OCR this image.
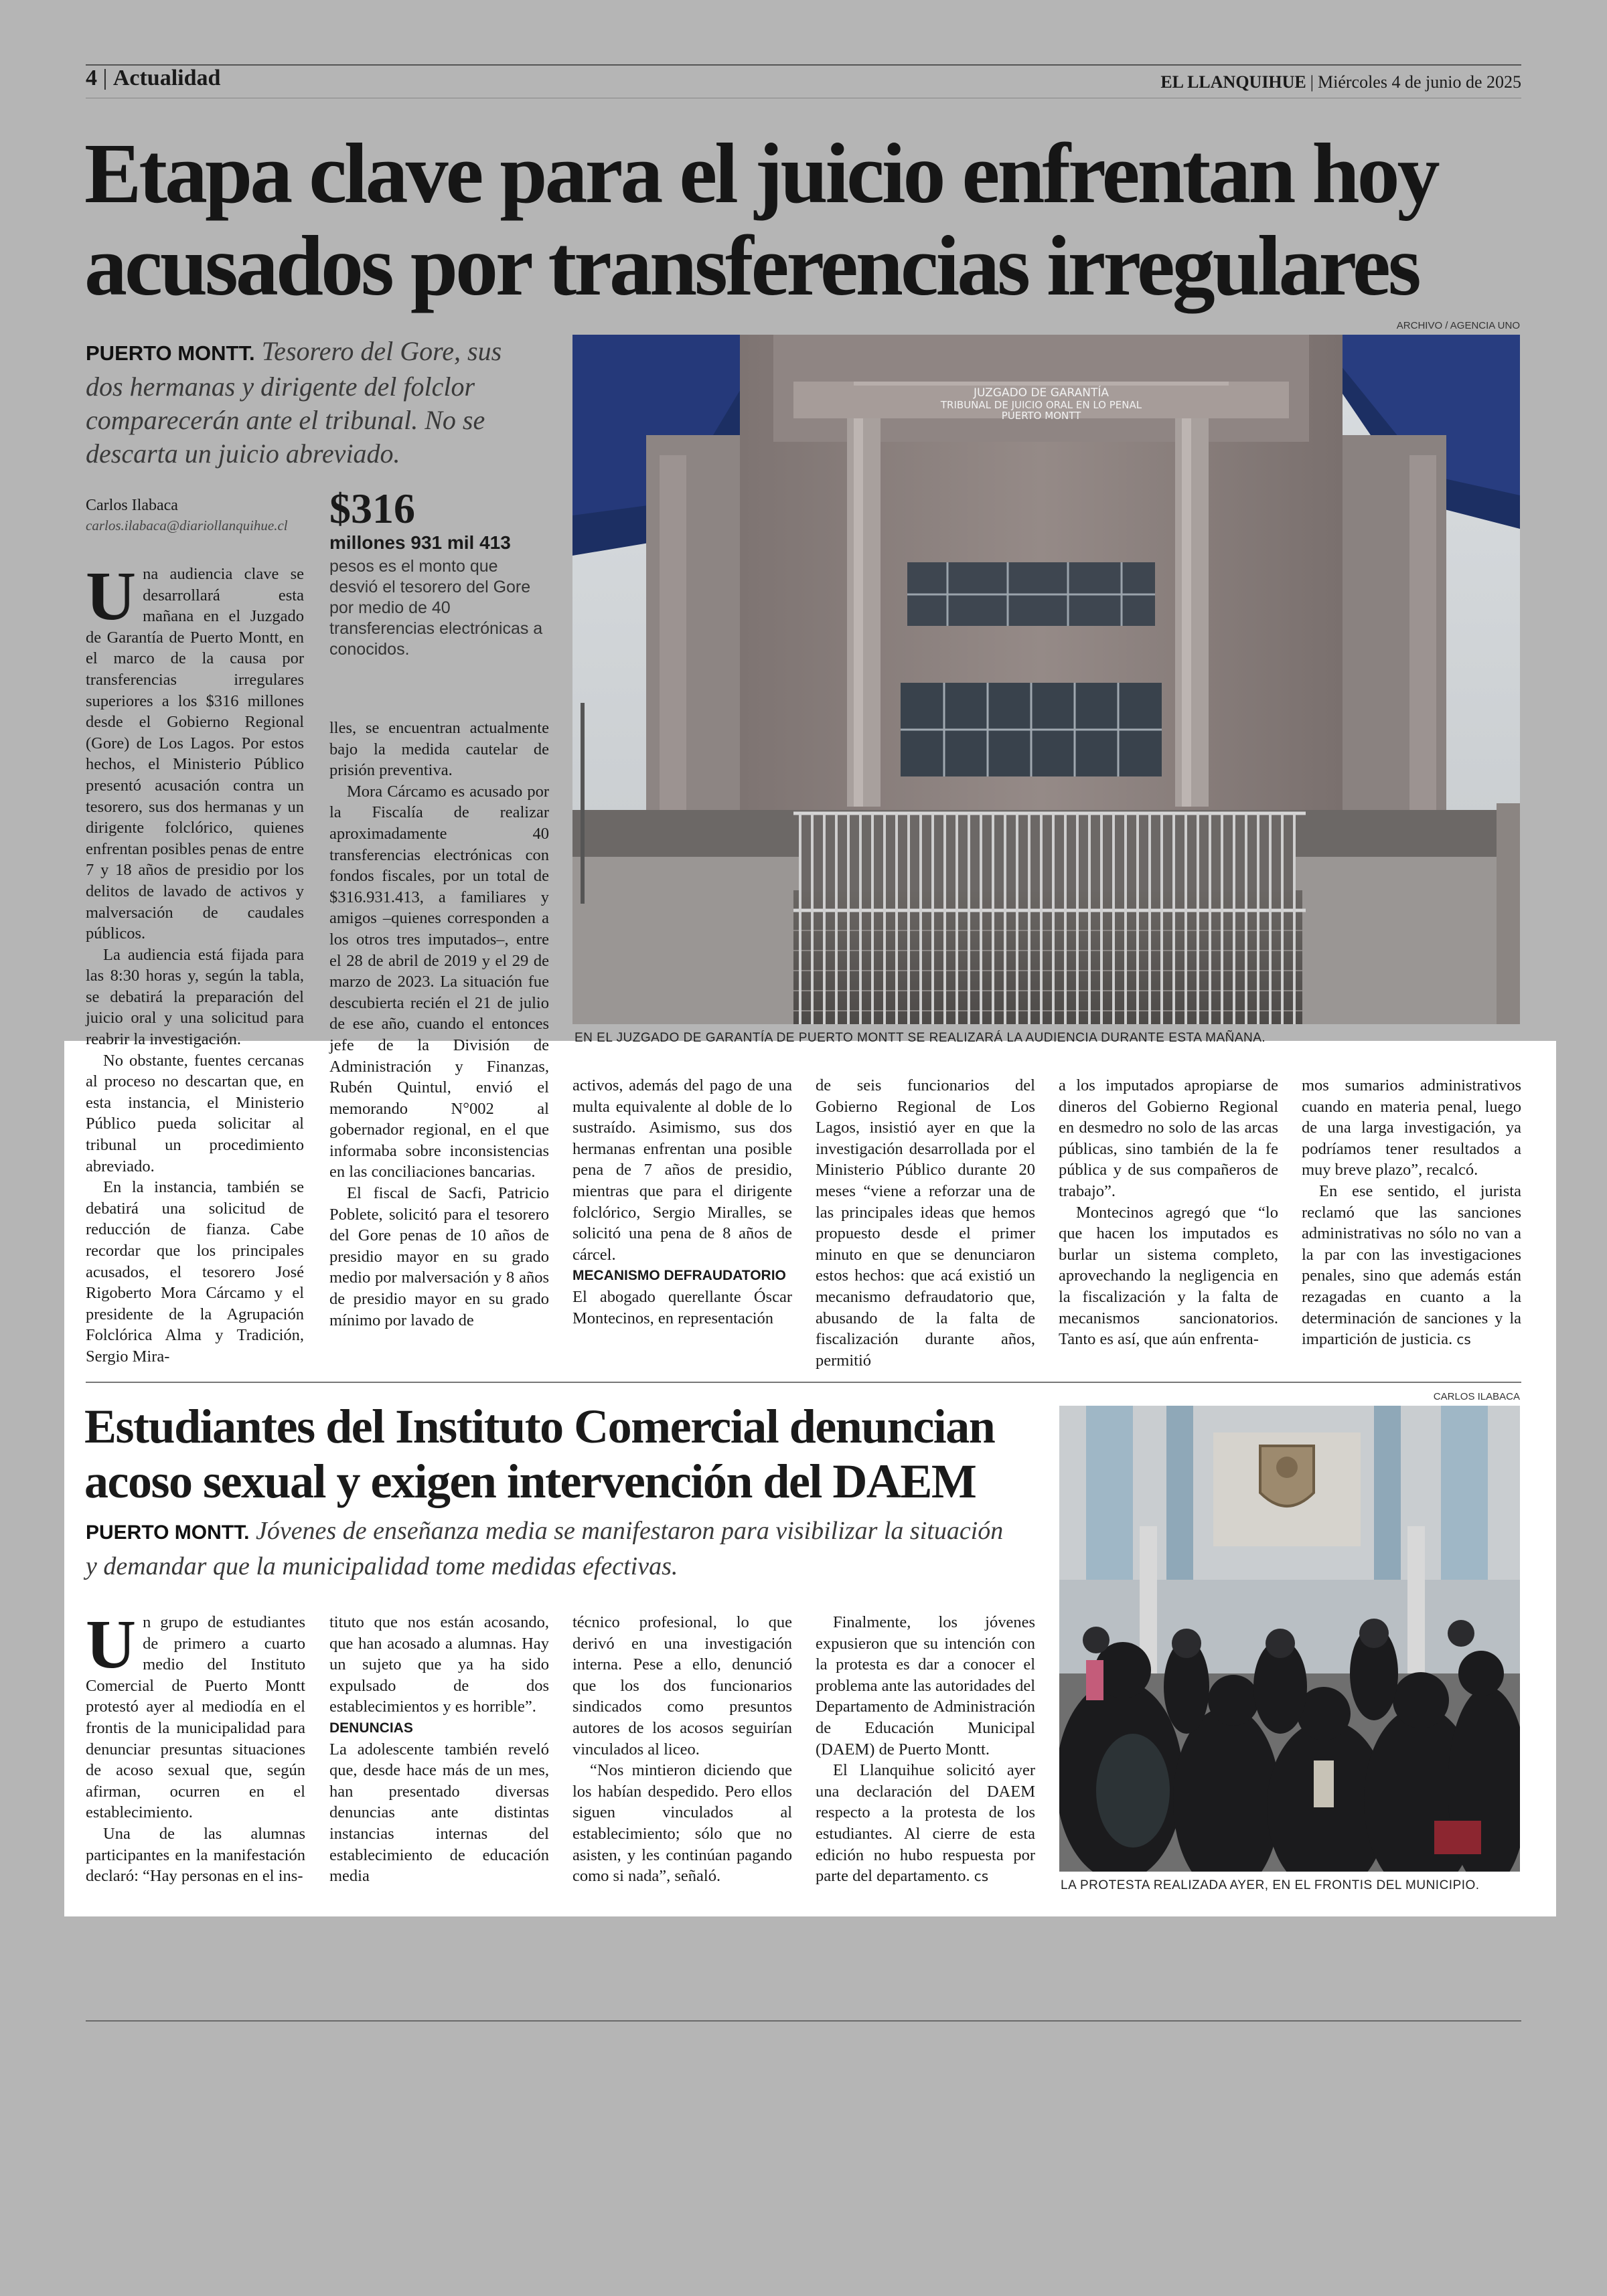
4 | Actualidad	EL LLANQUIHUE | Miércoles 4 de junio de 2025
Etapa clave para el juicio enfrentan hoy
acusados por transferencias irregulares
ARCHIVO / AGENCIA UNO
PUERTO MONTT. Tesorero del Gore, sus dos hermanas y dirigente del folclor comparecerán ante el tribunal. No se descarta un juicio abreviado.
Carlos Ilabaca
carlos.ilabaca@diariollanquihue.cl $316
millones 931 mil 413
pesos es el monto que desvió el tesorero del Gore por medio de 40 transferencias electrónicas a conocidos.
JUZGADO DE GARANTÍA
TRIBUNAL DE JUICIO ORAL EN LO PENAL
PUERTO MONTT
EN EL JUZGADO DE GARANTÍA DE PUERTO MONTT SE REALIZARÁ LA AUDIENCIA DURANTE ESTA MAÑANA.

Una audiencia clave se desarrollará esta mañana en el Juzgado de Garantía de Puerto Montt, en el marco de la causa por transferencias irregulares superiores a los $316 millones desde el Gobierno Regional (Gore) de Los Lagos. Por estos hechos, el Ministerio Público presentó acusación contra un tesorero, sus dos hermanas y un dirigente folclórico, quienes enfrentan posibles penas de entre 7 y 18 años de presidio por los delitos de lavado de activos y malversación de caudales públicos.

La audiencia está fijada para las 8:30 horas y, según la tabla, se debatirá la preparación del juicio oral y una solicitud para reabrir la investigación.

No obstante, fuentes cercanas al proceso no descartan que, en esta instancia, el Ministerio Público pueda solicitar al tribunal un procedimiento abreviado.

En la instancia, también se debatirá una solicitud de reducción de fianza. Cabe recordar que los principales acusados, el tesorero José Rigoberto Mora Cárcamo y el presidente de la Agrupación Folclórica Alma y Tradición, Sergio Mira-

lles, se encuentran actualmente bajo la medida cautelar de prisión preventiva.

Mora Cárcamo es acusado por la Fiscalía de realizar aproximadamente 40 transferencias electrónicas con fondos fiscales, por un total de $316.931.413, a familiares y amigos –quienes corresponden a los otros tres imputados–, entre el 28 de abril de 2019 y el 29 de marzo de 2023. La situación fue descubierta recién el 21 de julio de ese año, cuando el entonces jefe de la División de Administración y Finanzas, Rubén Quintul, envió el memorando N°002 al gobernador regional, en el que informaba sobre inconsistencias en las conciliaciones bancarias.

El fiscal de Sacfi, Patricio Poblete, solicitó para el tesorero del Gore penas de 10 años de presidio mayor en su grado medio por malversación y 8 años de presidio mayor en su grado mínimo por lavado de

activos, además del pago de una multa equivalente al doble de lo sustraído. Asimismo, sus dos hermanas enfrentan una posible pena de 7 años de presidio, mientras que para el dirigente folclórico, Sergio Miralles, se solicitó una pena de 8 años de cárcel.

MECANISMO DEFRAUDATORIO

El abogado querellante Óscar Montecinos, en representación

de seis funcionarios del Gobierno Regional de Los Lagos, insistió ayer en que la investigación desarrollada por el Ministerio Público durante 20 meses “viene a reforzar una de las principales ideas que hemos propuesto desde el primer minuto en que se denunciaron estos hechos: que acá existió un mecanismo defraudatorio que, abusando de la falta de fiscalización durante años, permitió

a los imputados apropiarse de dineros del Gobierno Regional en desmedro no solo de las arcas públicas, sino también de la fe pública y de sus compañeros de trabajo”.

Montecinos agregó que “lo que hacen los imputados es burlar un sistema completo, aprovechando la negligencia en la fiscalización y la falta de mecanismos sancionatorios. Tanto es así, que aún enfrenta-

mos sumarios administrativos cuando en materia penal, luego de una larga investigación, ya podríamos tener resultados a muy breve plazo”, recalcó.

En ese sentido, el jurista reclamó que las sanciones administrativas no sólo no van a la par con las investigaciones penales, sino que además están rezagadas en cuanto a la determinación de sanciones y la impartición de justicia. cs

Estudiantes del Instituto Comercial denuncian
acoso sexual y exigen intervención del DAEM
CARLOS ILABACA
PUERTO MONTT. Jóvenes de enseñanza media se manifestaron para visibilizar la situación y demandar que la municipalidad tome medidas efectivas.
LA PROTESTA REALIZADA AYER, EN EL FRONTIS DEL MUNICIPIO.

Un grupo de estudiantes de primero a cuarto medio del Instituto Comercial de Puerto Montt protestó ayer al mediodía en el frontis de la municipalidad para denunciar presuntas situaciones de acoso sexual que, según afirman, ocurren en el establecimiento.

Una de las alumnas participantes en la manifestación declaró: “Hay personas en el ins-

tituto que nos están acosando, que han acosado a alumnas. Hay un sujeto que ya ha sido expulsado de dos establecimientos y es horrible”.

DENUNCIAS

La adolescente también reveló que, desde hace más de un mes, han presentado diversas denuncias ante distintas instancias internas del establecimiento de educación media

técnico profesional, lo que derivó en una investigación interna. Pese a ello, denunció que los dos funcionarios sindicados como presuntos autores de los acosos seguirían vinculados al liceo.

“Nos mintieron diciendo que los habían despedido. Pero ellos siguen vinculados al establecimiento; sólo que no asisten, y les continúan pagando como si nada”, señaló.

Finalmente, los jóvenes expusieron que su intención con la protesta es dar a conocer el problema ante las autoridades del Departamento de Administración de Educación Municipal (DAEM) de Puerto Montt.

El Llanquihue solicitó ayer una declaración del DAEM respecto a la protesta de los estudiantes. Al cierre de esta edición no hubo respuesta por parte del departamento. cs
